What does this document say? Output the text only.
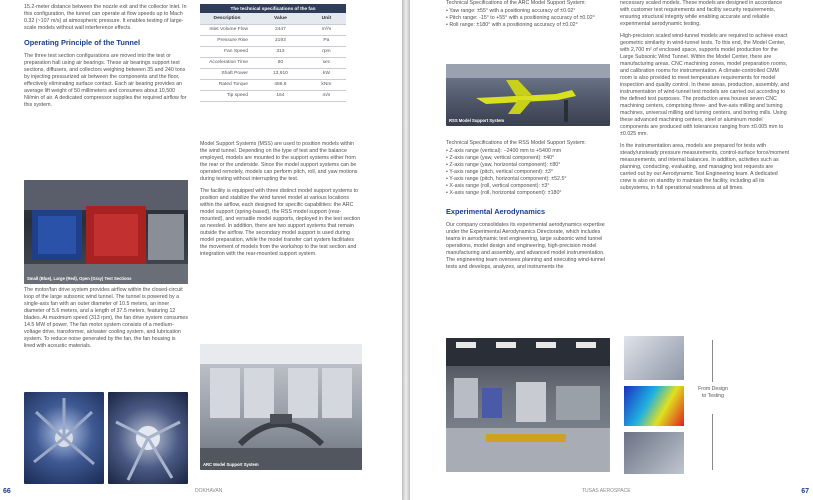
15.2-meter distance between the nozzle exit and the collector inlet. In this configuration, the tunnel can operate at flow speeds up to Mach 0.32 (~107 m/s) at atmospheric pressure. It enables testing of large-scale models without wall interference effects.

Operating Principle of the Tunnel

The three test section configurations are moved into the test or preparation hall using air bearings. These air bearings support test sections, diffusers, and collectors weighing between 35 and 240 tons by injecting pressurized air between the components and the floor, effectively eliminating surface contact. Each air bearing provides an average lift weight of 50 millimeters and consumes about 10,500 Nl/min of air. A dedicated compressor supplies the required airflow for this system.

Small (Blue), Large (Red), Open (Gray) Test Sections

The motor/fan drive system provides airflow within the closed-circuit loop of the large subsonic wind tunnel. The tunnel is powered by a single-axis fan with an outer diameter of 10.5 meters, an inner diameter of 5.6 meters, and a length of 37.5 meters, featuring 12 blades. At maximum speed (313 rpm), the fan drive system consumes 14.5 MW of power. The fan motor system consists of a medium-voltage drive, transformer, air/water cooling system, and lubrication system. To reduce noise generated by the fan, the fan housing is lined with acoustic materials.

The technical specifications of the fan		
Description	Value	Unit
Inlet Volume Flow	2447	m³/s
Pressure Rise	2193	Pa
Fan Speed	313	rpm
Acceleration Time	60	sec
Shaft Power	13,910	kW
Rated Torque	486.6	kNm
Tip speed	164	m/s

Model Support Systems (MSS) are used to position models within the wind tunnel. Depending on the type of test and the balance employed, models are mounted to the support systems either from the rear or the underside. Since the model support systems can be operated remotely, models can perform pitch, roll, and yaw motions during testing without interrupting the test.

The facility is equipped with three distinct model support systems to position and stabilize the wind tunnel model at various locations within the airflow, each designed for specific capabilities: the ARC model support (spring-based), the RSS model support (rear-mounted), and versatile model supports, deployed in the test section as needed. In addition, there are two support systems that remain outside the airflow. The secondary model support is used during model preparation, while the model transfer cart system facilitates the movement of models from the workshop to the test section and integration with the rear-mounted support system.

ARC Model Support System
66	DOKHAVAN

Technical Specifications of the ARC Model Support System:

• Yaw range: ±55° with a positioning accuracy of ±0.02°
• Pitch range: -15° to +55° with a positioning accuracy of ±0.02°
• Roll range: ±180° with a positioning accuracy of ±0.02°
RSS Model Support System

Technical Specifications of the RSS Model Support System:

• Z-axis range (vertical): −2400 mm to +5400 mm
• Z-axis range (yaw, vertical component): ±40°
• Z-axis range (yaw, horizontal component): ±80°
• Y-axis range (pitch, vertical component): ±3°
• Y-axis range (pitch, horizontal component): ±52.5°
• X-axis range (roll, vertical component): ±3°
• X-axis range (roll, horizontal component): ±180°
Experimental Aerodynamics

Our company consolidates its experimental aerodynamics expertise under the Experimental Aerodynamics Directorate, which includes teams in aerodynamic test engineering, large subsonic wind tunnel operations, model design and engineering, high-precision model manufacturing and assembly, and advanced model instrumentation. The engineering team oversees planning and executing wind-tunnel tests and develops, analyzes, and instruments the

necessary scaled models. These models are designed in accordance with customer test requirements and facility security requirements, ensuring structural integrity while enabling accurate and reliable experimental aerodynamic testing.

High-precision scaled wind-tunnel models are required to achieve exact geometric similarity in wind-tunnel tests. To this end, the Model Center, with 2,700 m² of enclosed space, supports model production for the Large Subsonic Wind Tunnel. Within the Model Center, there are manufacturing areas, CNC machining zones, model preparation rooms, and calibration rooms for instrumentation. A climate-controlled CMM room is also provided to meet temperature requirements for model inspection and quality control. In these areas, production, assembly, and instrumentation of wind-tunnel test models are carried out according to the defined test purposes. The production area houses seven CNC machining centers, comprising three- and five-axis milling and turning machines, universal milling and turning centers, and boring mills. Using these advanced machining centers, steel or aluminum model components are produced with tolerances ranging from ±0.005 mm to ±0.025 mm.

In the instrumentation area, models are prepared for tests with steady/unsteady pressure measurements, control-surface force/moment measurements, and internal balances. In addition, activities such as planning, conducting, evaluating, and managing test requests are carried out by our Aerodynamic Test Engineering team. A dedicated crew is also on standby to maintain the facility, including all its subsystems, in full operational readiness at all times.

From Design to Testing
TUSAS AEROSPACE	67
